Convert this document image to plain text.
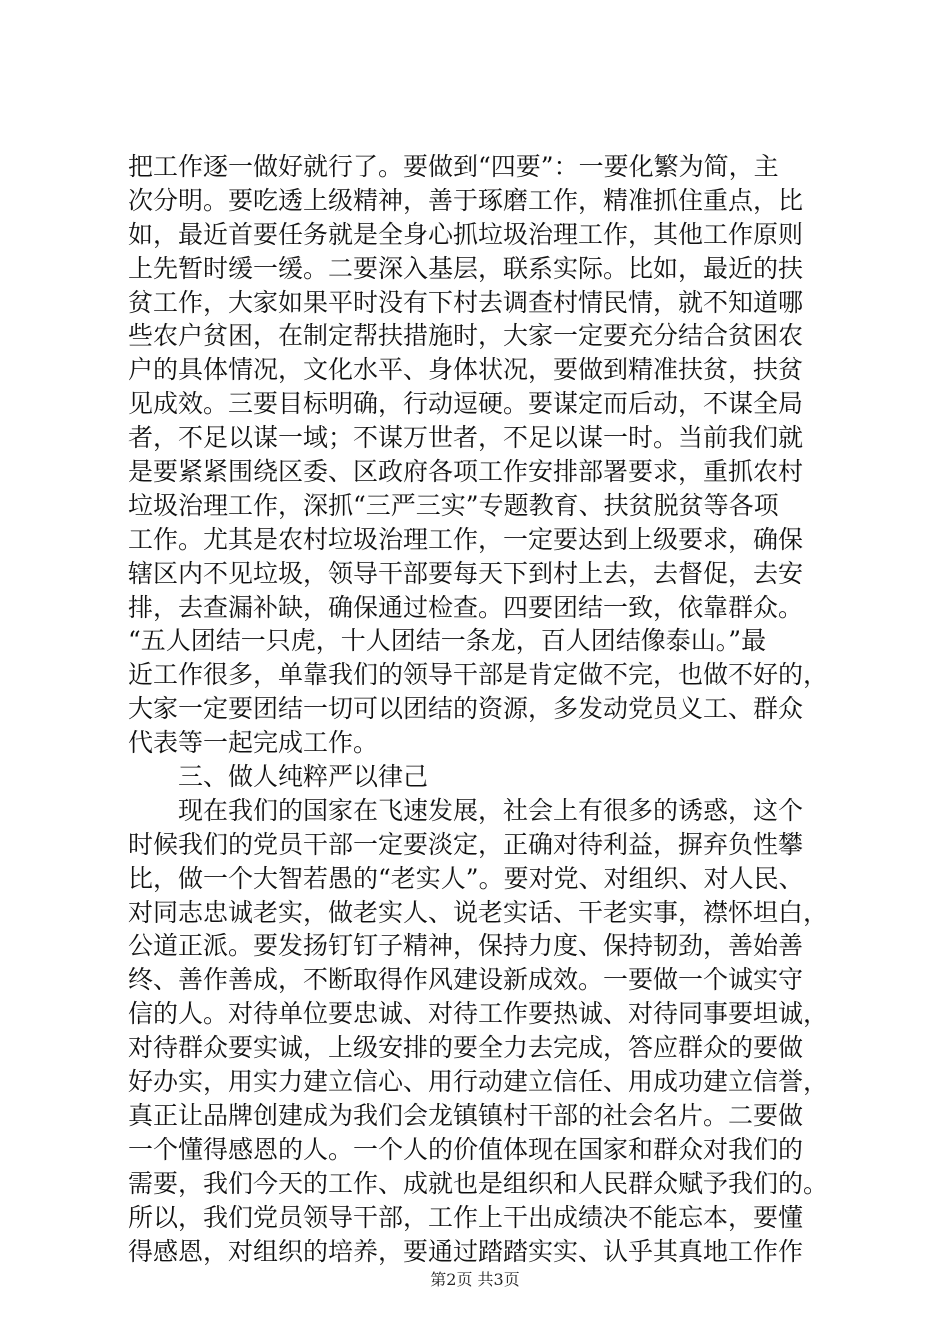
把工作逐一做好就行了。要做到“四要”：一要化繁为简，主
次分明。要吃透上级精神，善于琢磨工作，精准抓住重点，比
如，最近首要任务就是全身心抓垃圾治理工作，其他工作原则
上先暂时缓一缓。二要深入基层，联系实际。比如，最近的扶
贫工作，大家如果平时没有下村去调查村情民情，就不知道哪
些农户贫困，在制定帮扶措施时，大家一定要充分结合贫困农
户的具体情况，文化水平、身体状况，要做到精准扶贫，扶贫
见成效。三要目标明确，行动逗硬。要谋定而后动，不谋全局
者，不足以谋一域；不谋万世者，不足以谋一时。当前我们就
是要紧紧围绕区委、区政府各项工作安排部署要求，重抓农村
垃圾治理工作，深抓“三严三实”专题教育、扶贫脱贫等各项
工作。尤其是农村垃圾治理工作，一定要达到上级要求，确保
辖区内不见垃圾，领导干部要每天下到村上去，去督促，去安
排，去查漏补缺，确保通过检查。四要团结一致，依靠群众。
“五人团结一只虎，十人团结一条龙，百人团结像泰山。”最
近工作很多，单靠我们的领导干部是肯定做不完，也做不好的，
大家一定要团结一切可以团结的资源，多发动党员义工、群众
代表等一起完成工作。
　　三、做人纯粹严以律己
　　现在我们的国家在飞速发展，社会上有很多的诱惑，这个
时候我们的党员干部一定要淡定，正确对待利益，摒弃负性攀
比，做一个大智若愚的“老实人”。要对党、对组织、对人民、
对同志忠诚老实，做老实人、说老实话、干老实事，襟怀坦白，
公道正派。要发扬钉钉子精神，保持力度、保持韧劲，善始善
终、善作善成，不断取得作风建设新成效。一要做一个诚实守
信的人。对待单位要忠诚、对待工作要热诚、对待同事要坦诚，
对待群众要实诚，上级安排的要全力去完成，答应群众的要做
好办实，用实力建立信心、用行动建立信任、用成功建立信誉，
真正让品牌创建成为我们会龙镇镇村干部的社会名片。二要做
一个懂得感恩的人。一个人的价值体现在国家和群众对我们的
需要，我们今天的工作、成就也是组织和人民群众赋予我们的。
所以，我们党员领导干部，工作上干出成绩决不能忘本，要懂
得感恩，对组织的培养，要通过踏踏实实、认乎其真地工作作
第2页 共3页
